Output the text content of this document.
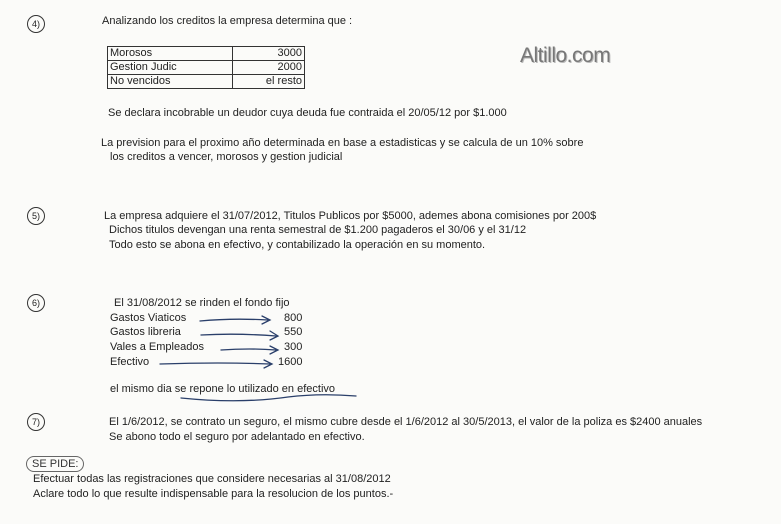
4)	Analizando los creditos la empresa determina que :
Morosos	3000
Gestion Judic	2000
No vencidos	el resto
Altillo.com
Se declara incobrable un deudor cuya deuda fue contraida el 20/05/12 por $1.000
La prevision para el proximo año determinada en base a estadisticas y se calcula de un 10% sobre
los creditos a vencer, morosos y gestion judicial
5)	La empresa adquiere el 31/07/2012, Titulos Publicos por $5000, ademes abona comisiones por 200$
Dichos titulos devengan una renta semestral de $1.200 pagaderos el 30/06 y el 31/12
Todo esto se abona en efectivo, y contabilizado la operación en su momento.
6)	El 31/08/2012 se rinden el fondo fijo
Gastos Viaticos	800
Gastos libreria	550
Vales a Empleados	300
Efectivo	1600
el mismo dia se repone lo utilizado en efectivo
7)	El 1/6/2012, se contrato un seguro, el mismo cubre desde el 1/6/2012 al 30/5/2013, el valor de la poliza es $2400 anuales
Se abono todo el seguro por adelantado en efectivo.
SE PIDE:
Efectuar todas las registraciones que considere necesarias al 31/08/2012
Aclare todo lo que resulte indispensable para la resolucion de los puntos.-
